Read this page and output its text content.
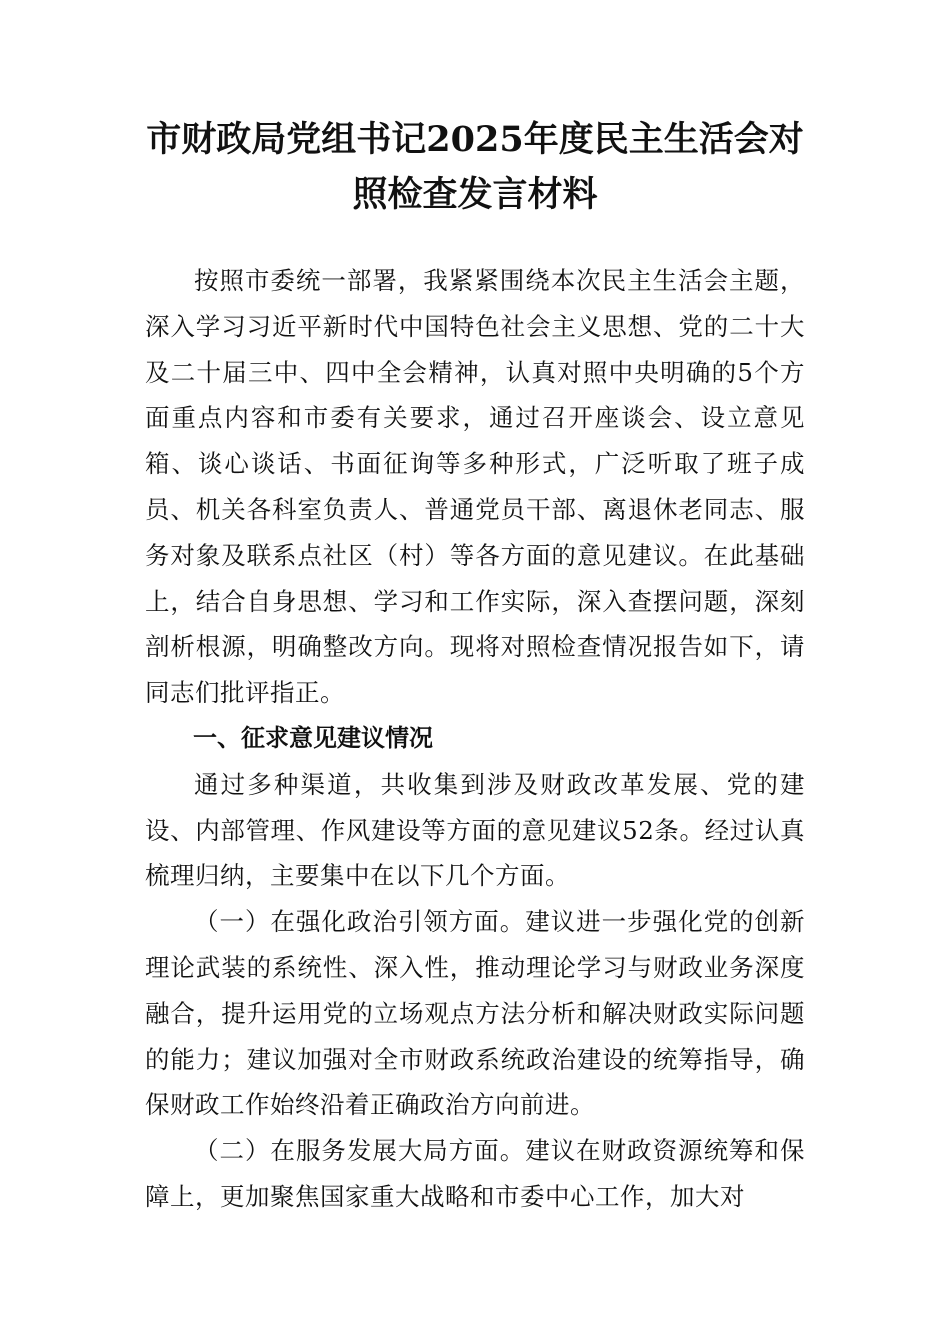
市财政局党组书记2025年度民主生活会对
照检查发言材料

按照市委统一部署，我紧紧围绕本次民主生活会主题，深入学习习近平新时代中国特色社会主义思想、党的二十大及二十届三中、四中全会精神，认真对照中央明确的5个方面重点内容和市委有关要求，通过召开座谈会、设立意见箱、谈心谈话、书面征询等多种形式，广泛听取了班子成员、机关各科室负责人、普通党员干部、离退休老同志、服务对象及联系点社区（村）等各方面的意见建议。在此基础上，结合自身思想、学习和工作实际，深入查摆问题，深刻剖析根源，明确整改方向。现将对照检查情况报告如下，请同志们批评指正。

一、征求意见建议情况

通过多种渠道，共收集到涉及财政改革发展、党的建设、内部管理、作风建设等方面的意见建议52条。经过认真梳理归纳，主要集中在以下几个方面。

（一）在强化政治引领方面。建议进一步强化党的创新理论武装的系统性、深入性，推动理论学习与财政业务深度融合，提升运用党的立场观点方法分析和解决财政实际问题的能力；建议加强对全市财政系统政治建设的统筹指导，确保财政工作始终沿着正确政治方向前进。

（二）在服务发展大局方面。建议在财政资源统筹和保障上，更加聚焦国家重大战略和市委中心工作，加大对
